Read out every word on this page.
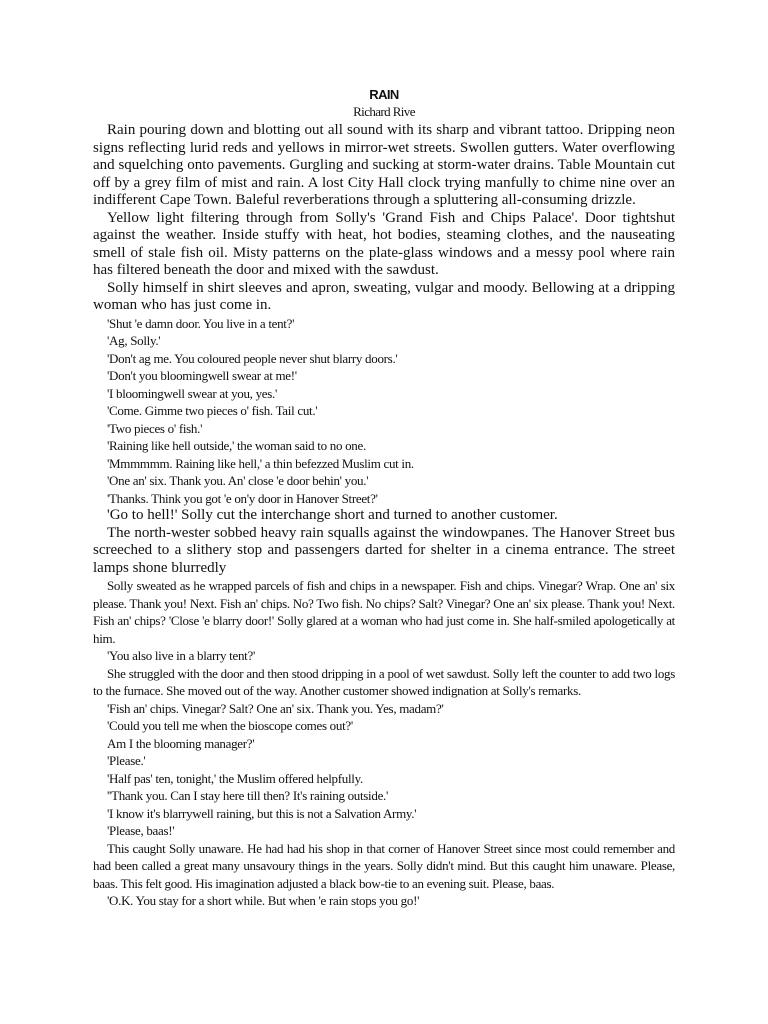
RAIN
Richard Rive

Rain pouring down and blotting out all sound with its sharp and vibrant tattoo. Dripping neon signs reflecting lurid reds and yellows in mirror-wet streets. Swollen gutters. Water overflowing and squelching onto pavements. Gurgling and sucking at storm-water drains. Table Mountain cut off by a grey film of mist and rain. A lost City Hall clock trying manfully to chime nine over an indifferent Cape Town. Baleful reverberations through a spluttering all-consuming drizzle.

Yellow light filtering through from Solly's 'Grand Fish and Chips Palace'. Door tightshut against the weather. Inside stuffy with heat, hot bodies, steaming clothes, and the nauseating smell of stale fish oil. Misty patterns on the plate-glass windows and a messy pool where rain has filtered beneath the door and mixed with the sawdust.

Solly himself in shirt sleeves and apron, sweating, vulgar and moody. Bellowing at a dripping woman who has just come in.

'Shut 'e damn door. You live in a tent?'

'Ag, Solly.'

'Don't ag me. You coloured people never shut blarry doors.'

'Don't you bloomingwell swear at me!'

'I bloomingwell swear at you, yes.'

'Come. Gimme two pieces o' fish. Tail cut.'

'Two pieces o' fish.'

'Raining like hell outside,' the woman said to no one.

'Mmmmmm. Raining like hell,' a thin befezzed Muslim cut in.

'One an' six. Thank you. An' close 'e door behin' you.'

'Thanks. Think you got 'e on'y door in Hanover Street?'

'Go to hell!' Solly cut the interchange short and turned to another customer.

The north-wester sobbed heavy rain squalls against the windowpanes. The Hanover Street bus screeched to a slithery stop and passengers darted for shelter in a cinema entrance. The street lamps shone blurredly

Solly sweated as he wrapped parcels of fish and chips in a newspaper. Fish and chips. Vinegar? Wrap. One an' six please. Thank you! Next. Fish an' chips. No? Two fish. No chips? Salt? Vinegar? One an' six please. Thank you! Next. Fish an' chips? 'Close 'e blarry door!' Solly glared at a woman who had just come in. She half-smiled apologetically at him.

'You also live in a blarry tent?'

She struggled with the door and then stood dripping in a pool of wet sawdust. Solly left the counter to add two logs to the furnace. She moved out of the way. Another customer showed indignation at Solly's remarks.

'Fish an' chips. Vinegar? Salt? One an' six. Thank you. Yes, madam?'

'Could you tell me when the bioscope comes out?'

Am I the blooming manager?'

'Please.'

'Half pas' ten, tonight,' the Muslim offered helpfully.

''Thank you. Can I stay here till then? It's raining outside.'

'I know it's blarrywell raining, but this is not a Salvation Army.'

'Please, baas!'

This caught Solly unaware. He had had his shop in that corner of Hanover Street since most could remember and had been called a great many unsavoury things in the years. Solly didn't mind. But this caught him unaware. Please, baas. This felt good. His imagination adjusted a black bow-tie to an evening suit. Please, baas.

'O.K. You stay for a short while. But when 'e rain stops you go!'
